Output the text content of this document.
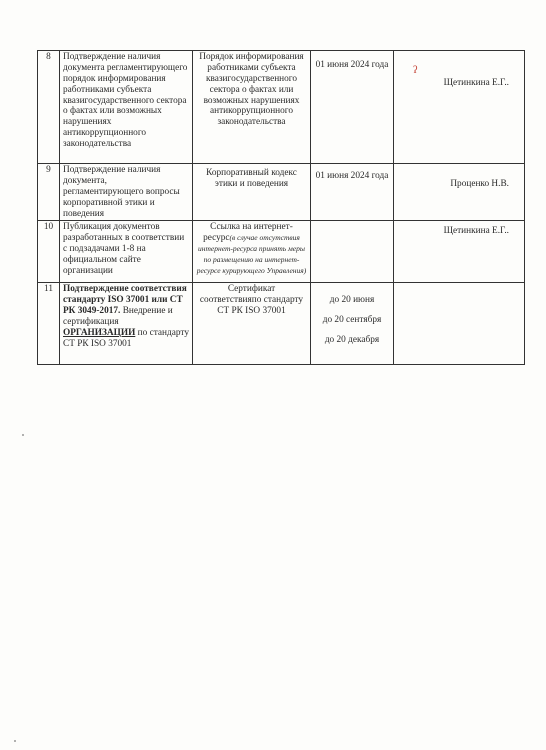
8	Подтверждение наличия документа регламентирующего порядок информирования работниками субъекта квазигосударственного сектора о фактах или возможных нарушениях антикоррупционного законодательства	Порядок информирования работниками субъекта квазигосударственного сектора о фактах или возможных нарушениях антикоррупционного законодательства	01 июня 2024 года	Щетинкина Е.Г..

9	Подтверждение наличия документа, регламентирующего вопросы корпоративной этики и поведения	Корпоративный кодекс этики и поведения	01 июня 2024 года	Проценко Н.В.

10	Публикация документов разработанных в соответствии с подзадачами 1-8 на официальном сайте организации	Ссылка на интернет-ресурс(в случае отсутствия интернет-ресурса принять меры по размещению на интернет-ресурсе курирующего Управления)		Щетинкина Е.Г..

11	Подтверждение соответствия стандарту ISO 37001 или СТ РК 3049-2017. Внедрение и сертификация ОРГАНИЗАЦИИ по стандарту СТ РК ISO 37001	Сертификат соответствияпо стандарту СТ РК ISO 37001	до 20 июня
до 20 сентября
до 20 декабря	

ʔ
